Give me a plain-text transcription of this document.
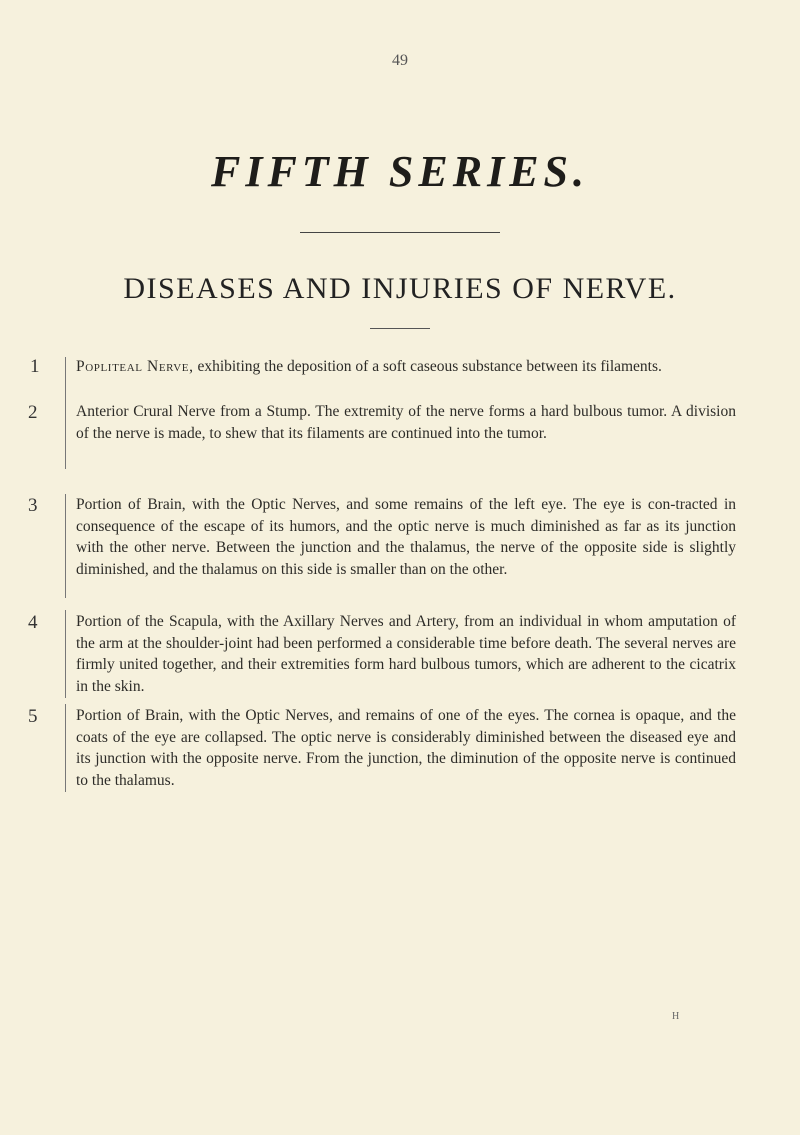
49
FIFTH SERIES.
DISEASES AND INJURIES OF NERVE.
1
2
3
4
5
Popliteal Nerve, exhibiting the deposition of a soft caseous substance between its filaments.
Anterior Crural Nerve from a Stump. The extremity of the nerve forms a hard bulbous tumor. A division of the nerve is made, to shew that its filaments are continued into the tumor.
Portion of Brain, with the Optic Nerves, and some remains of the left eye. The eye is con-tracted in consequence of the escape of its humors, and the optic nerve is much diminished as far as its junction with the other nerve. Between the junction and the thalamus, the nerve of the opposite side is slightly diminished, and the thalamus on this side is smaller than on the other.
Portion of the Scapula, with the Axillary Nerves and Artery, from an individual in whom amputation of the arm at the shoulder-joint had been performed a considerable time before death. The several nerves are firmly united together, and their extremities form hard bulbous tumors, which are adherent to the cicatrix in the skin.
Portion of Brain, with the Optic Nerves, and remains of one of the eyes. The cornea is opaque, and the coats of the eye are collapsed. The optic nerve is considerably diminished between the diseased eye and its junction with the opposite nerve. From the junction, the diminution of the opposite nerve is continued to the thalamus.
H
